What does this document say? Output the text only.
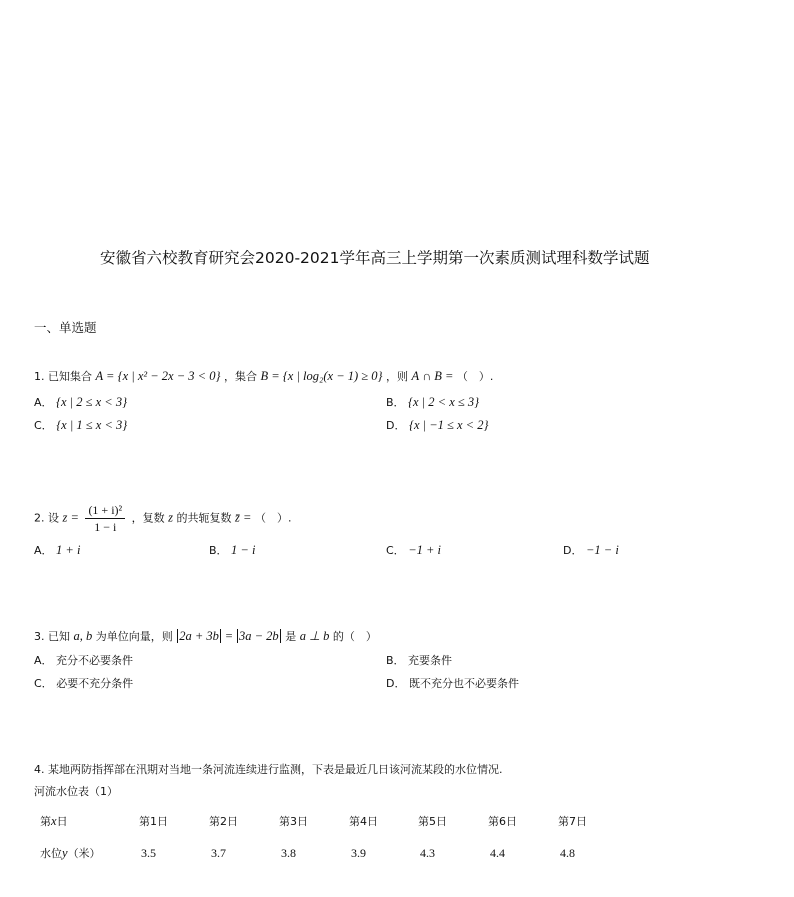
安徽省六校教育研究会2020-2021学年高三上学期第一次素质测试理科数学试题
一、单选题
1. 已知集合 A = {x | x² − 2x − 3 < 0} ，集合 B = {x | log₂(x − 1) ≥ 0} ，则 A ∩ B = （　）.
A． {x | 2 ≤ x < 3}	B． {x | 2 < x ≤ 3}
C． {x | 1 ≤ x < 3}	D． {x | −1 ≤ x < 2}
2. 设 $z = \frac{\text{(1 + i)²}}{1 - i}$ ，复数 z 的共轭复数 z̄ = （　）.
A． 1 + i	B． 1 − i	C． −1 + i	D． −1 − i
3. 已知 a, b 为单位向量，则 2a + 3b = 3a − 2b 是 a ⊥ b 的（　）
A． 充分不必要条件	B． 充要条件
C． 必要不充分条件	D． 既不充分也不必要条件
4. 某地两防指挥部在汛期对当地一条河流连续进行监测，下表是最近几日该河流某段的水位情况.
河流水位表（1）
第x日	第1日	第2日	第3日	第4日	第5日	第6日	第7日
水位y（米）	3.5	3.7	3.8	3.9	4.3	4.4	4.8
